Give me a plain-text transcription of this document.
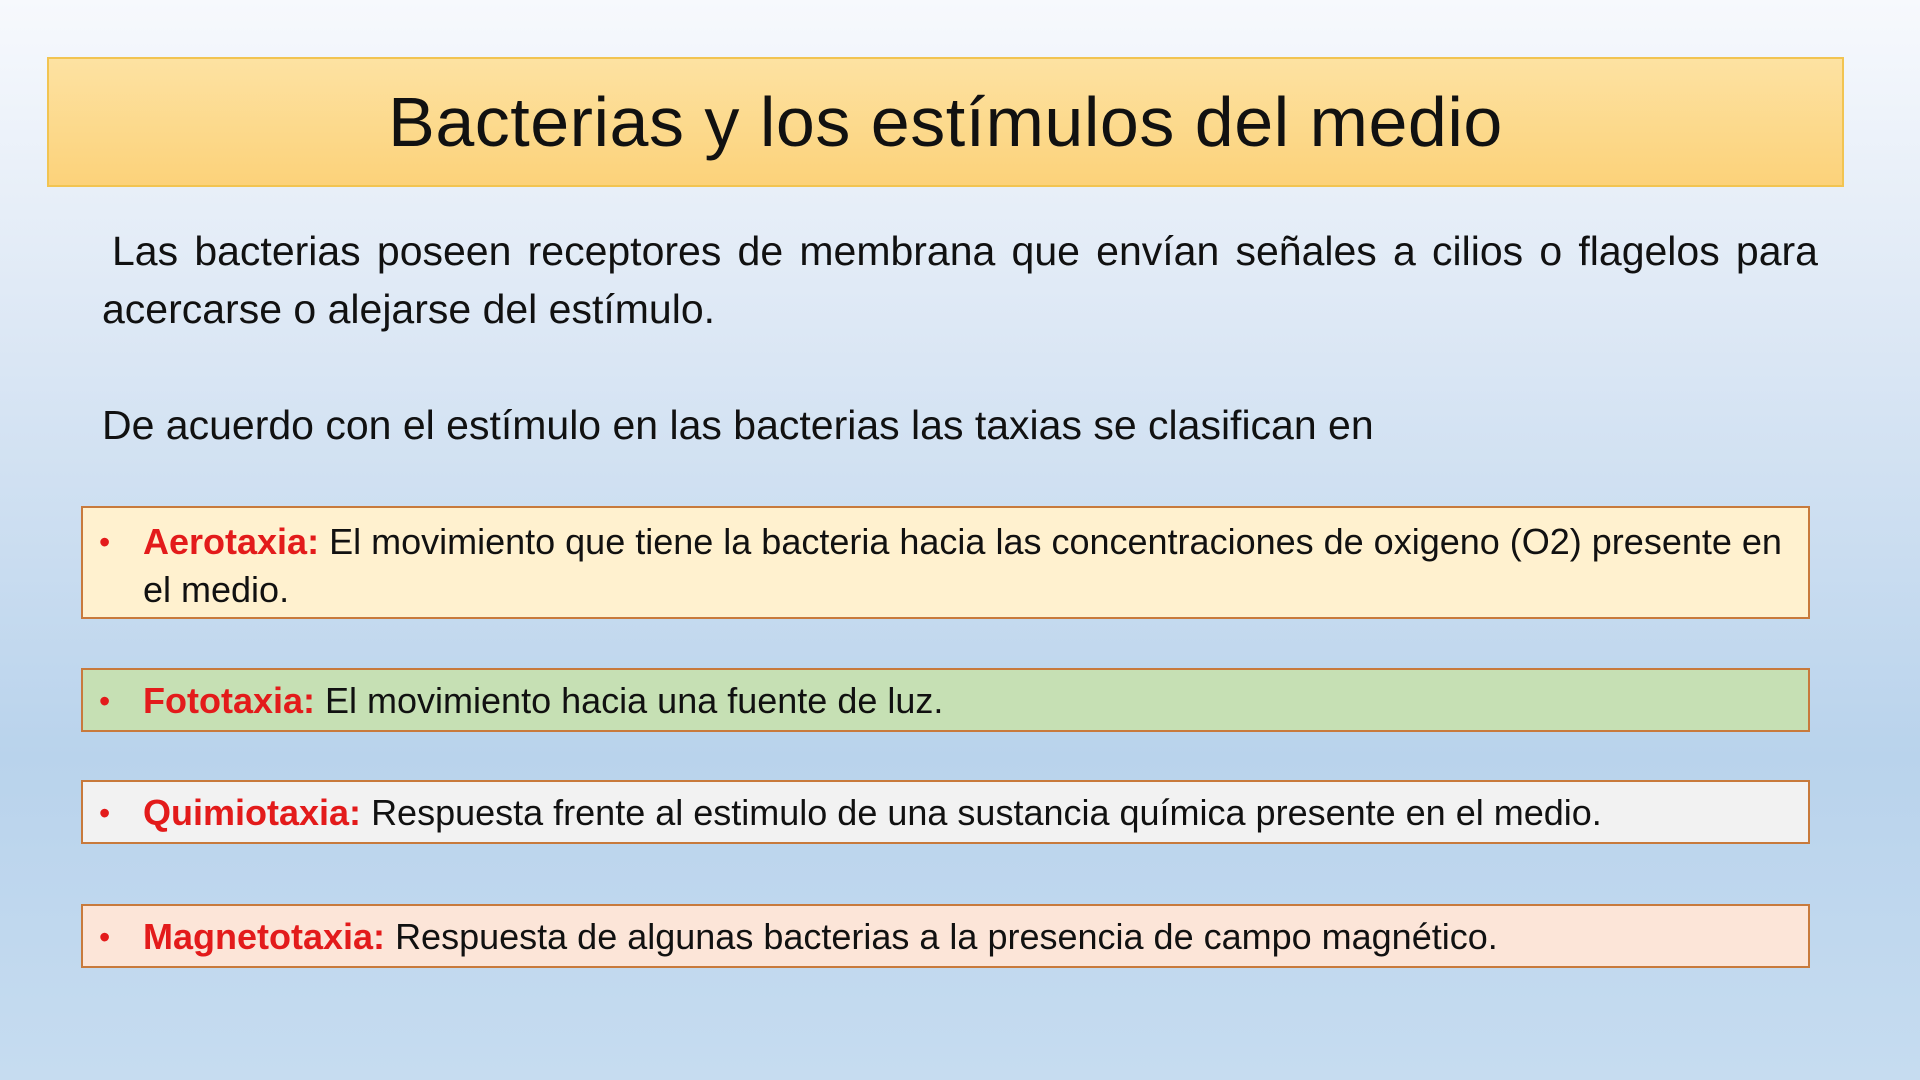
Bacterias y los estímulos del medio
Las bacterias poseen receptores de membrana que envían señales a cilios o flagelos para acercarse o alejarse del estímulo.
De acuerdo con el estímulo en las bacterias las taxias se clasifican en
• Aerotaxia: El movimiento que tiene la bacteria hacia las concentraciones de oxigeno (O2) presente en el medio.
• Fototaxia: El movimiento hacia una fuente de luz.
• Quimiotaxia: Respuesta frente al estimulo de una sustancia química presente en el medio.
• Magnetotaxia: Respuesta de algunas bacterias a la presencia de campo magnético.
